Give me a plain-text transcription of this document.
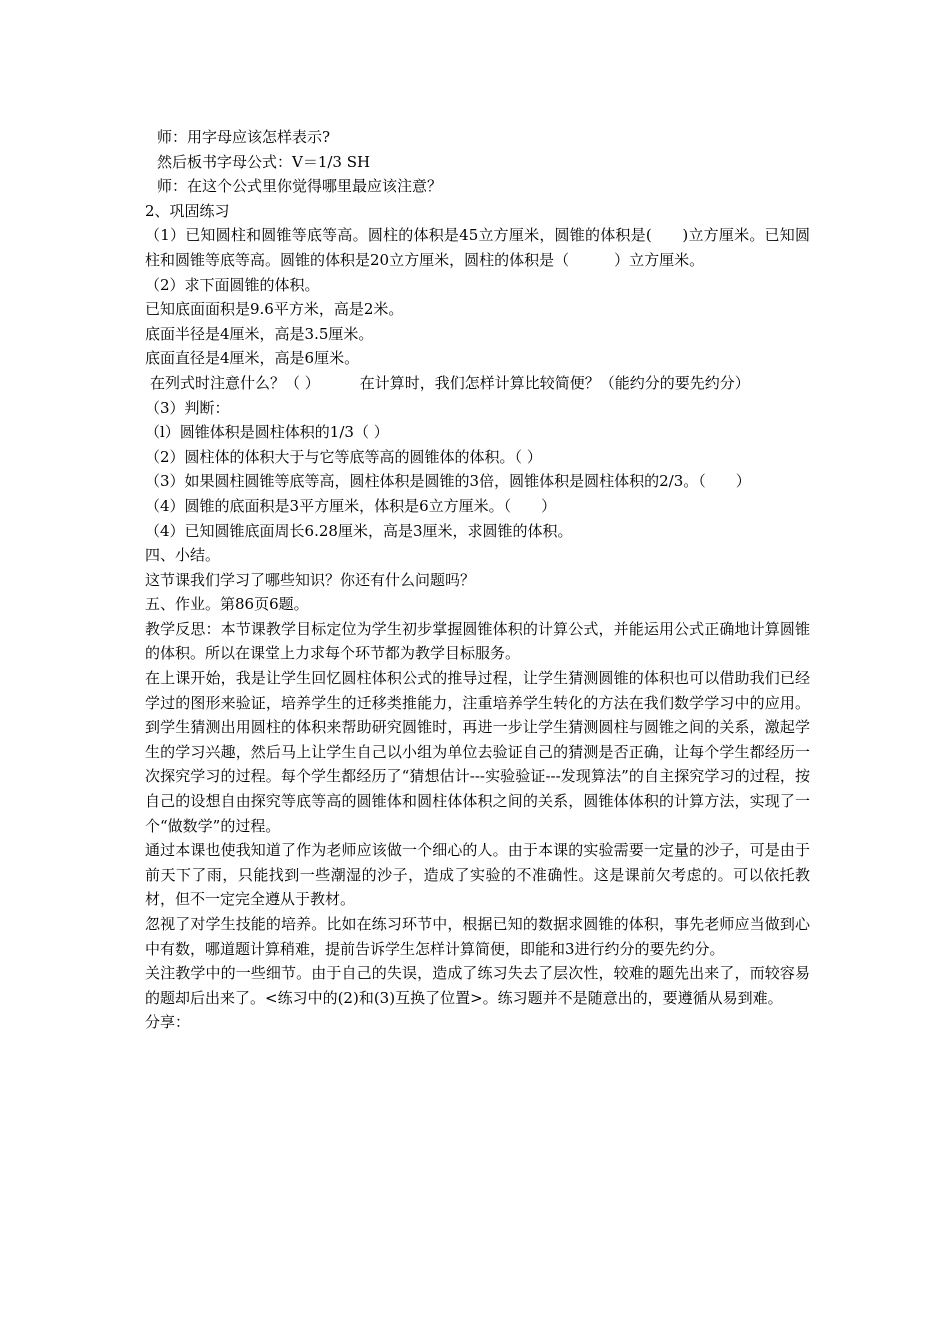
师：用字母应该怎样表示?

然后板书字母公式：V＝1/3 SH

师：在这个公式里你觉得哪里最应该注意？

2、巩固练习

（1）已知圆柱和圆锥等底等高。圆柱的体积是45立方厘米，圆锥的体积是(　　)立方厘米。已知圆柱和圆锥等底等高。圆锥的体积是20立方厘米，圆柱的体积是（　　　）立方厘米。

（2）求下面圆锥的体积。

已知底面面积是9.6平方米，高是2米。

底面半径是4厘米，高是3.5厘米。

底面直径是4厘米，高是6厘米。

在列式时注意什么？（ ）	在计算时，我们怎样计算比较简便？（能约分的要先约分）

（3）判断：

（l）圆锥体积是圆柱体积的1/3（ ）

（2）圆柱体的体积大于与它等底等高的圆锥体的体积。（ ）

（3）如果圆柱圆锥等底等高，圆柱体积是圆锥的3倍，圆锥体积是圆柱体积的2/3。（　　）

（4）圆锥的底面积是3平方厘米，体积是6立方厘米。（　　）

（4）已知圆锥底面周长6.28厘米，高是3厘米，求圆锥的体积。

四、小结。

这节课我们学习了哪些知识？你还有什么问题吗？

五、作业。第86页6题。

教学反思：本节课教学目标定位为学生初步掌握圆锥体积的计算公式，并能运用公式正确地计算圆锥的体积。所以在课堂上力求每个环节都为教学目标服务。

在上课开始，我是让学生回忆圆柱体积公式的推导过程，让学生猜测圆锥的体积也可以借助我们已经学过的图形来验证，培养学生的迁移类推能力，注重培养学生转化的方法在我们数学学习中的应用。到学生猜测出用圆柱的体积来帮助研究圆锥时，再进一步让学生猜测圆柱与圆锥之间的关系，激起学生的学习兴趣，然后马上让学生自己以小组为单位去验证自己的猜测是否正确，让每个学生都经历一次探究学习的过程。每个学生都经历了“猜想估计---实验验证---发现算法”的自主探究学习的过程，按自己的设想自由探究等底等高的圆锥体和圆柱体体积之间的关系，圆锥体体积的计算方法，实现了一个“做数学”的过程。

通过本课也使我知道了作为老师应该做一个细心的人。由于本课的实验需要一定量的沙子，可是由于前天下了雨，只能找到一些潮湿的沙子，造成了实验的不准确性。这是课前欠考虑的。可以依托教材，但不一定完全遵从于教材。

忽视了对学生技能的培养。比如在练习环节中，根据已知的数据求圆锥的体积，事先老师应当做到心中有数，哪道题计算稍难，提前告诉学生怎样计算简便，即能和3进行约分的要先约分。

关注教学中的一些细节。由于自己的失误，造成了练习失去了层次性，较难的题先出来了，而较容易的题却后出来了。<练习中的(2)和(3)互换了位置>。练习题并不是随意出的，要遵循从易到难。

分享：
